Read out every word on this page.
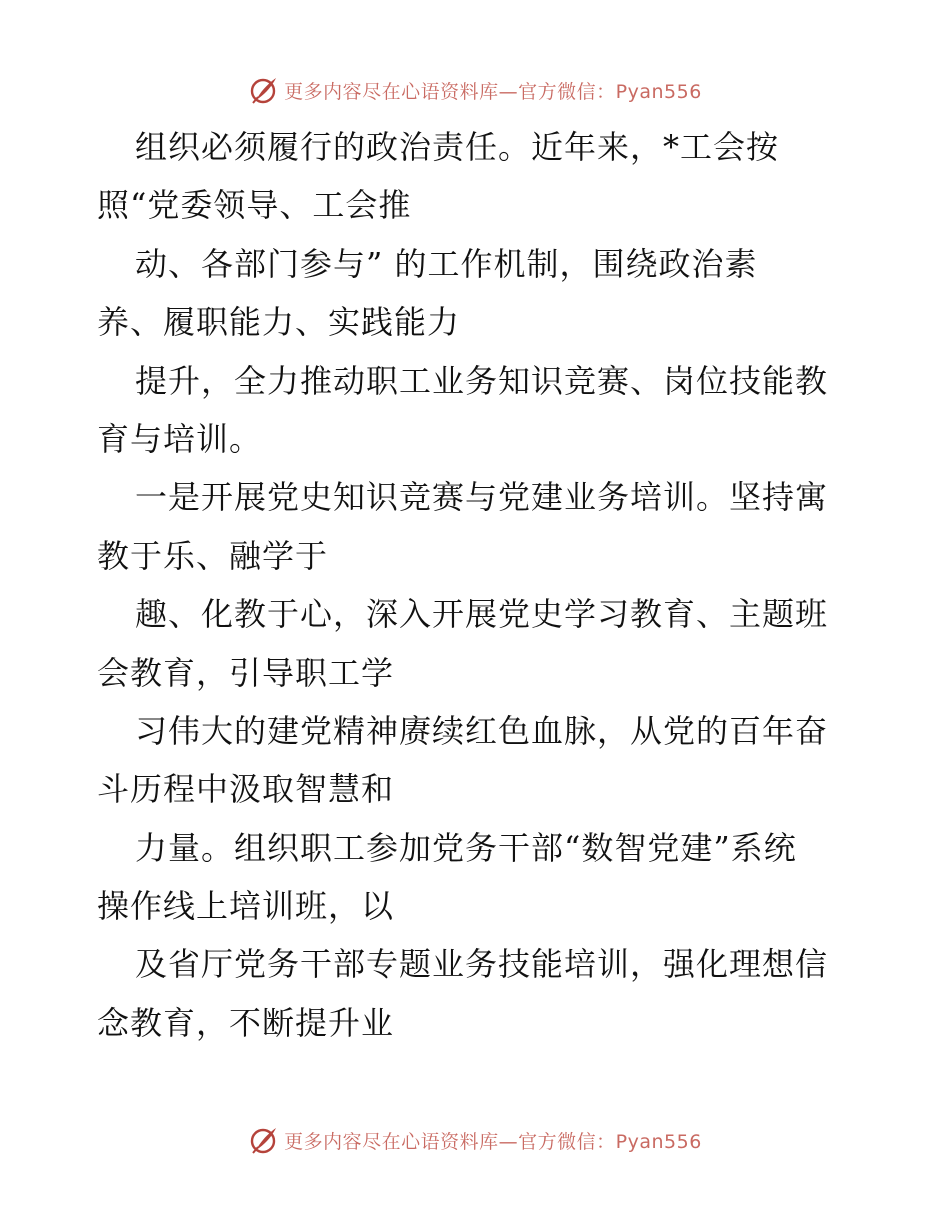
更多内容尽在心语资料库—官方微信：Pyan556
组织必须履行的政治责任。近年来，*工会按
照“党委领导、工会推
动、各部门参与” 的工作机制，围绕政治素
养、履职能力、实践能力
提升，全力推动职工业务知识竞赛、岗位技能教
育与培训。
一是开展党史知识竞赛与党建业务培训。坚持寓
教于乐、融学于
趣、化教于心，深入开展党史学习教育、主题班
会教育，引导职工学
习伟大的建党精神赓续红色血脉，从党的百年奋
斗历程中汲取智慧和
力量。组织职工参加党务干部“数智党建”系统
操作线上培训班，以
及省厅党务干部专题业务技能培训，强化理想信
念教育，不断提升业
更多内容尽在心语资料库—官方微信：Pyan556
